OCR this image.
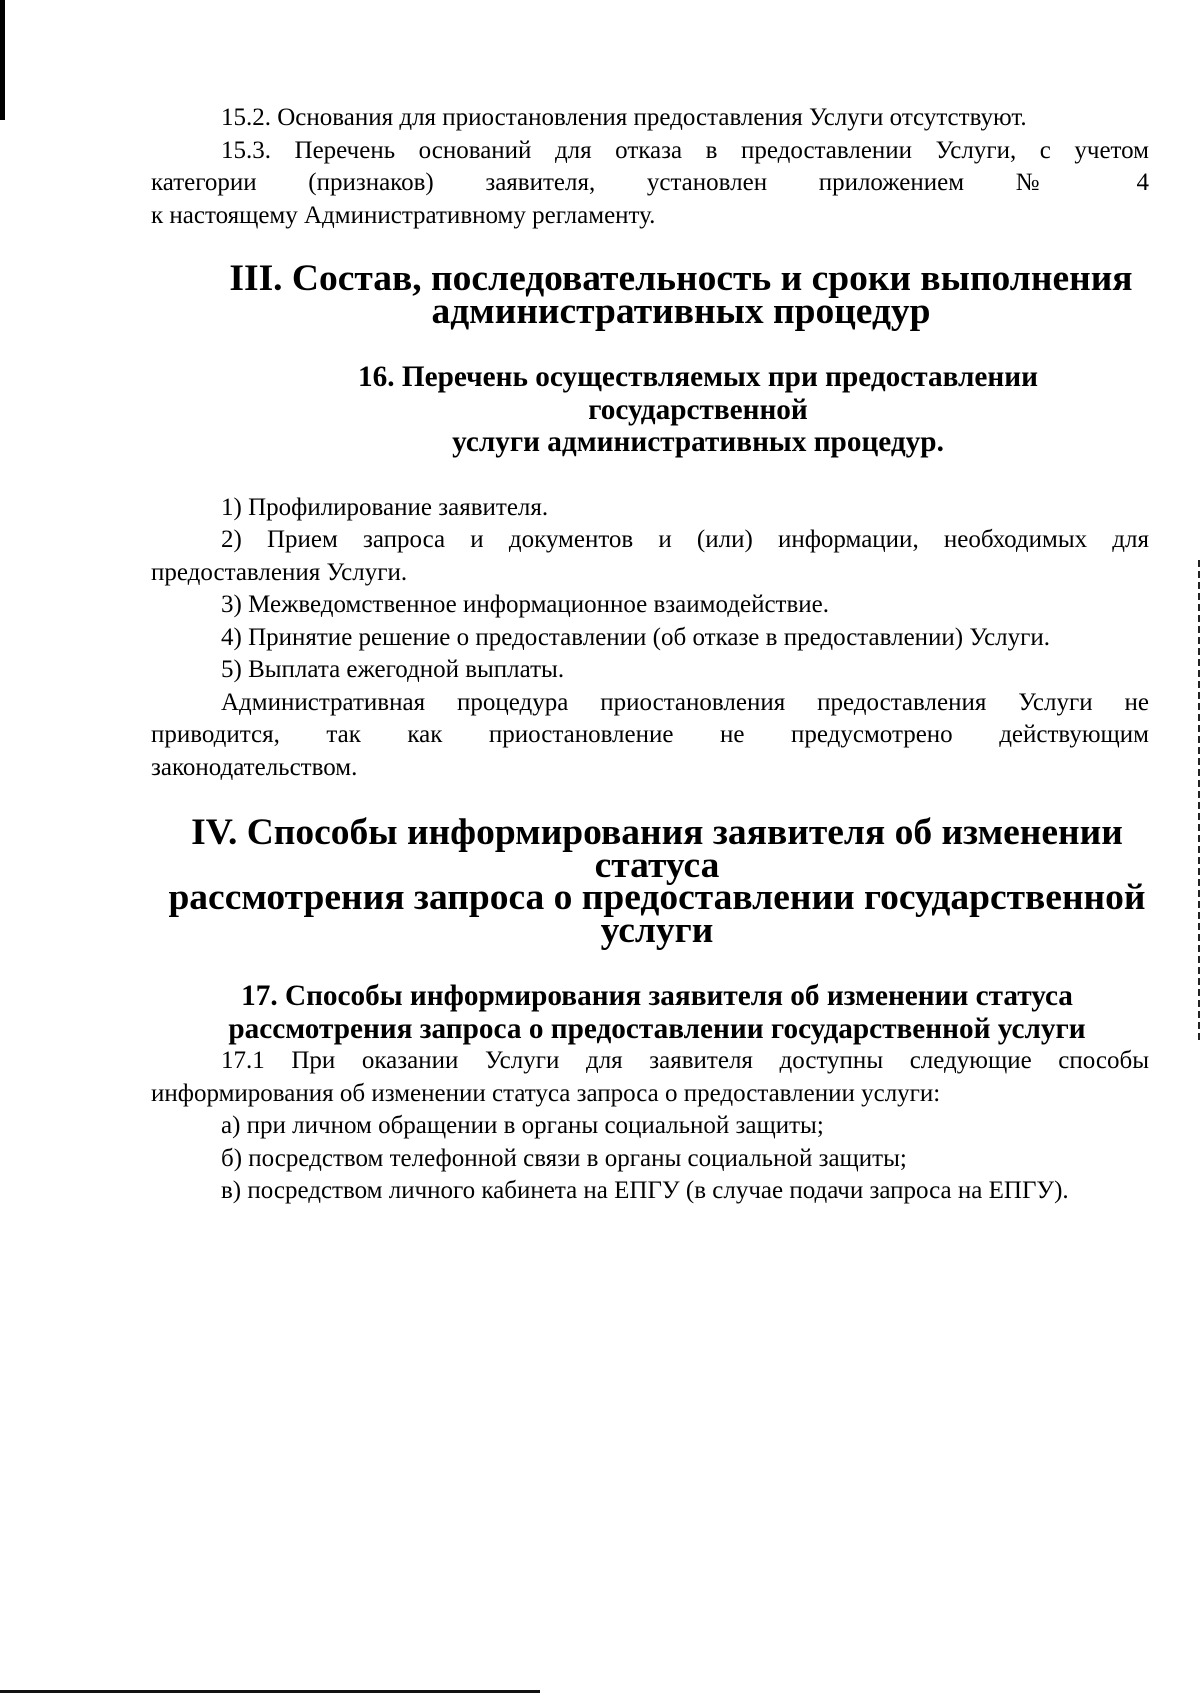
15.2. Основания для приостановления предоставления Услуги отсутствуют.

15.3. Перечень оснований для отказа в предоставлении Услуги, с учетом

категории (признаков) заявителя, установлен приложением № 4

к настоящему Административному регламенту.

III. Состав, последовательность и сроки выполнения
административных процедур
16. Перечень осуществляемых при предоставлении государственной
услуги административных процедур.

1) Профилирование заявителя.

2) Прием запроса и документов и (или) информации, необходимых для предоставления Услуги.

3) Межведомственное информационное взаимодействие.

4) Принятие решение о предоставлении (об отказе в предоставлении) Услуги.

5) Выплата ежегодной выплаты.

Административная процедура приостановления предоставления Услуги не

приводится, так как приостановление не предусмотрено действующим

законодательством.

IV. Способы информирования заявителя об изменении статуса
рассмотрения запроса о предоставлении государственной услуги
17. Способы информирования заявителя об изменении статуса
рассмотрения запроса о предоставлении государственной услуги

17.1 При оказании Услуги для заявителя доступны следующие способы информирования об изменении статуса запроса о предоставлении услуги:

а) при личном обращении в органы социальной защиты;

б) посредством телефонной связи в органы социальной защиты;

в) посредством личного кабинета на ЕПГУ (в случае подачи запроса на ЕПГУ).
